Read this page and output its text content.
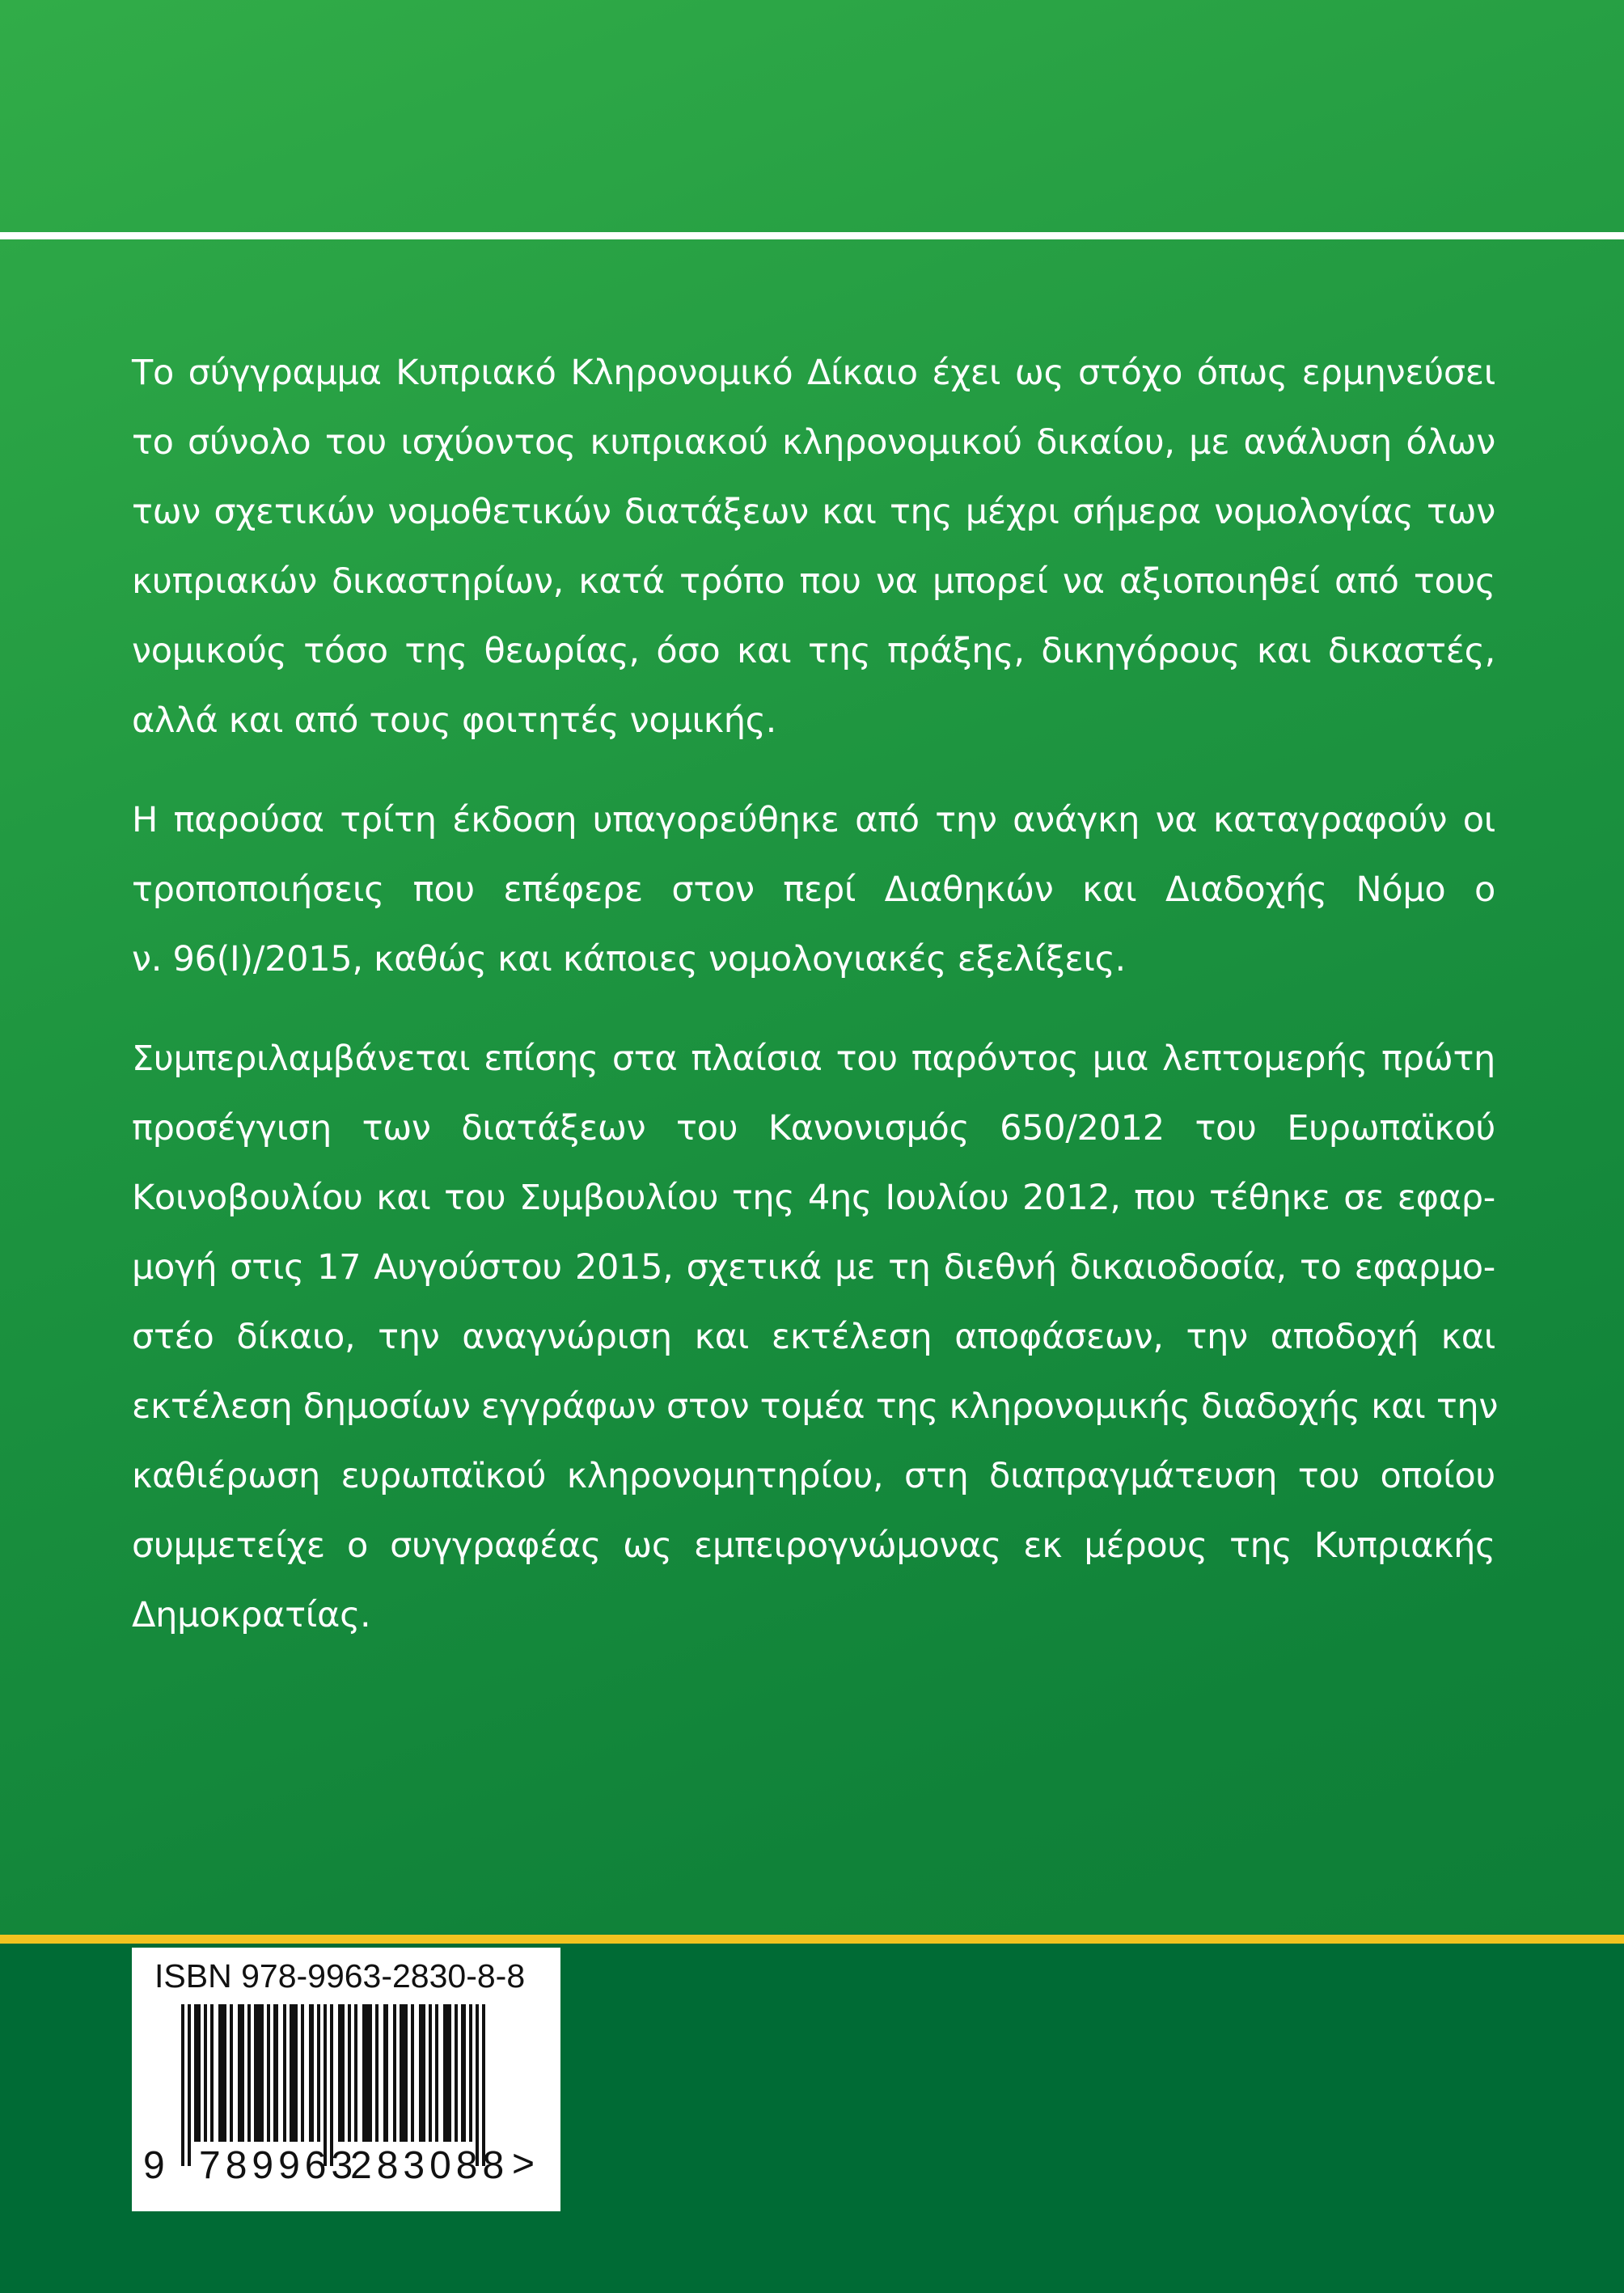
Το σύγγραμμα Κυπριακό Κληρονομικό Δίκαιο έχει ως στόχο όπως ερμηνεύσει
το σύνολο του ισχύοντος κυπριακού κληρονομικού δικαίου, με ανάλυση όλων
των σχετικών νομοθετικών διατάξεων και της μέχρι σήμερα νομολογίας των
κυπριακών δικαστηρίων, κατά τρόπο που να μπορεί να αξιοποιηθεί από τους
νομικούς τόσο της θεωρίας, όσο και της πράξης, δικηγόρους και δικαστές,
αλλά και από τους φοιτητές νομικής.

Η παρούσα τρίτη έκδοση υπαγορεύθηκε από την ανάγκη να καταγραφούν οι
τροποποιήσεις που επέφερε στον περί Διαθηκών και Διαδοχής Νόμο ο
ν. 96(Ι)/2015, καθώς και κάποιες νομολογιακές εξελίξεις.

Συμπεριλαμβάνεται επίσης στα πλαίσια του παρόντος μια λεπτομερής πρώτη
προσέγγιση των διατάξεων του Κανονισμός 650/2012 του Ευρωπαϊκού
Κοινοβουλίου και του Συμβουλίου της 4ης Ιουλίου 2012, που τέθηκε σε εφαρ-
μογή στις 17 Αυγούστου 2015, σχετικά με τη διεθνή δικαιοδοσία, το εφαρμο-
στέο δίκαιο, την αναγνώριση και εκτέλεση αποφάσεων, την αποδοχή και
εκτέλεση δημοσίων εγγράφων στον τομέα της κληρονομικής διαδοχής και την
καθιέρωση ευρωπαϊκού κληρονομητηρίου, στη διαπραγμάτευση του οποίου
συμμετείχε ο συγγραφέας ως εμπειρογνώμονας εκ μέρους της Κυπριακής
Δημοκρατίας.

ISBN 978-9963-2830-8-8
9 789963
283088 >
